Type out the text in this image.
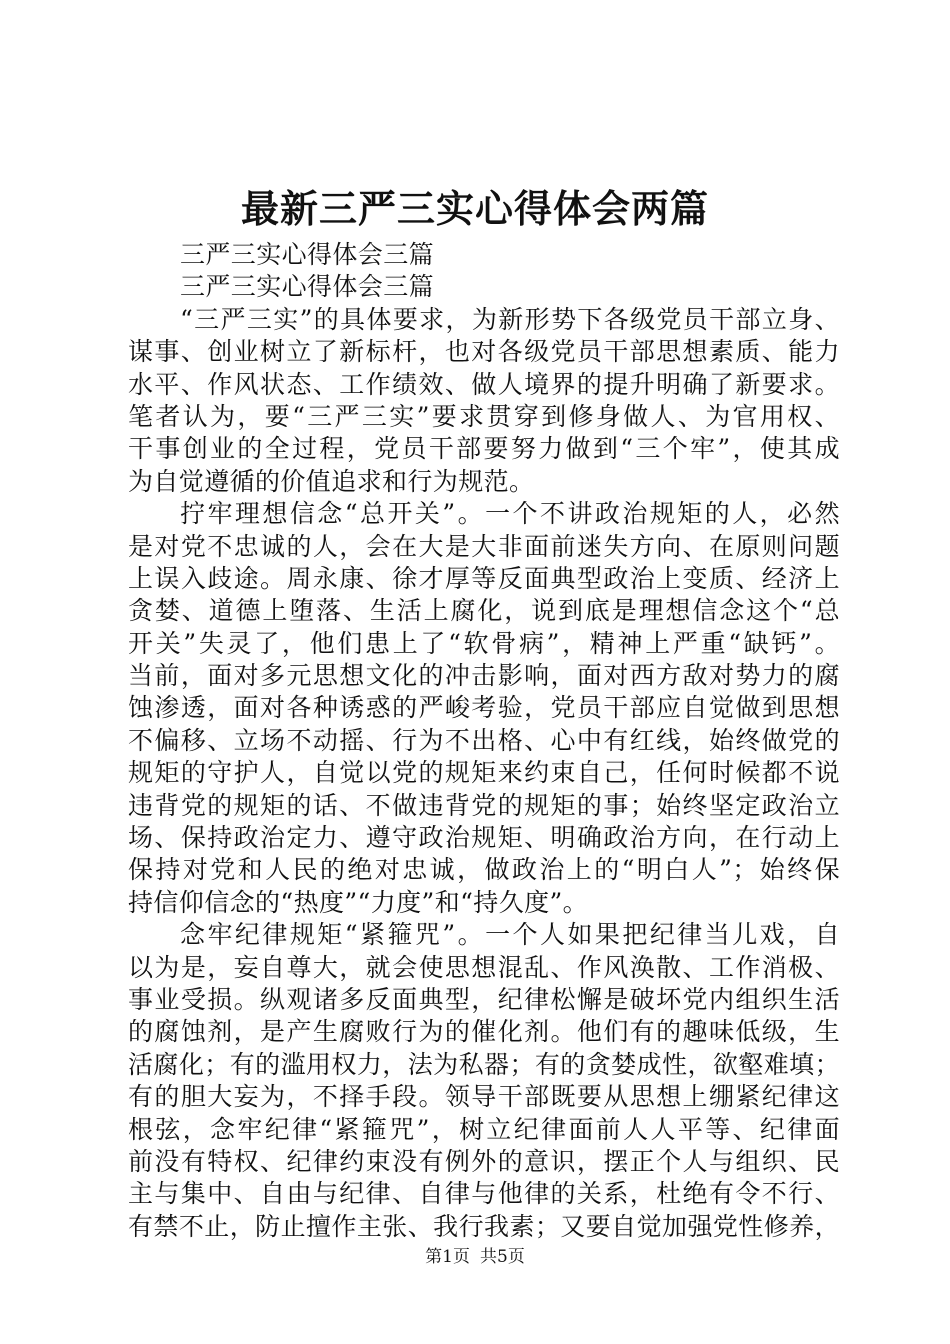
最新三严三实心得体会两篇
三严三实心得体会三篇
三严三实心得体会三篇
“三严三实”的具体要求，为新形势下各级党员干部立身、
谋事、创业树立了新标杆，也对各级党员干部思想素质、能力
水平、作风状态、工作绩效、做人境界的提升明确了新要求。
笔者认为，要“三严三实”要求贯穿到修身做人、为官用权、
干事创业的全过程，党员干部要努力做到“三个牢”，使其成
为自觉遵循的价值追求和行为规范。
拧牢理想信念“总开关”。一个不讲政治规矩的人，必然
是对党不忠诚的人，会在大是大非面前迷失方向、在原则问题
上误入歧途。周永康、徐才厚等反面典型政治上变质、经济上
贪婪、道德上堕落、生活上腐化，说到底是理想信念这个“总
开关”失灵了，他们患上了“软骨病”，精神上严重“缺钙”。
当前，面对多元思想文化的冲击影响，面对西方敌对势力的腐
蚀渗透，面对各种诱惑的严峻考验，党员干部应自觉做到思想
不偏移、立场不动摇、行为不出格、心中有红线，始终做党的
规矩的守护人，自觉以党的规矩来约束自己，任何时候都不说
违背党的规矩的话、不做违背党的规矩的事；始终坚定政治立
场、保持政治定力、遵守政治规矩、明确政治方向，在行动上
保持对党和人民的绝对忠诚，做政治上的“明白人”；始终保
持信仰信念的“热度”“力度”和“持久度”。
念牢纪律规矩“紧箍咒”。一个人如果把纪律当儿戏，自
以为是，妄自尊大，就会使思想混乱、作风涣散、工作消极、
事业受损。纵观诸多反面典型，纪律松懈是破坏党内组织生活
的腐蚀剂，是产生腐败行为的催化剂。他们有的趣味低级，生
活腐化；有的滥用权力，法为私器；有的贪婪成性，欲壑难填；
有的胆大妄为，不择手段。领导干部既要从思想上绷紧纪律这
根弦，念牢纪律“紧箍咒”，树立纪律面前人人平等、纪律面
前没有特权、纪律约束没有例外的意识，摆正个人与组织、民
主与集中、自由与纪律、自律与他律的关系，杜绝有令不行、
有禁不止，防止擅作主张、我行我素；又要自觉加强党性修养，
第1页 共5页
